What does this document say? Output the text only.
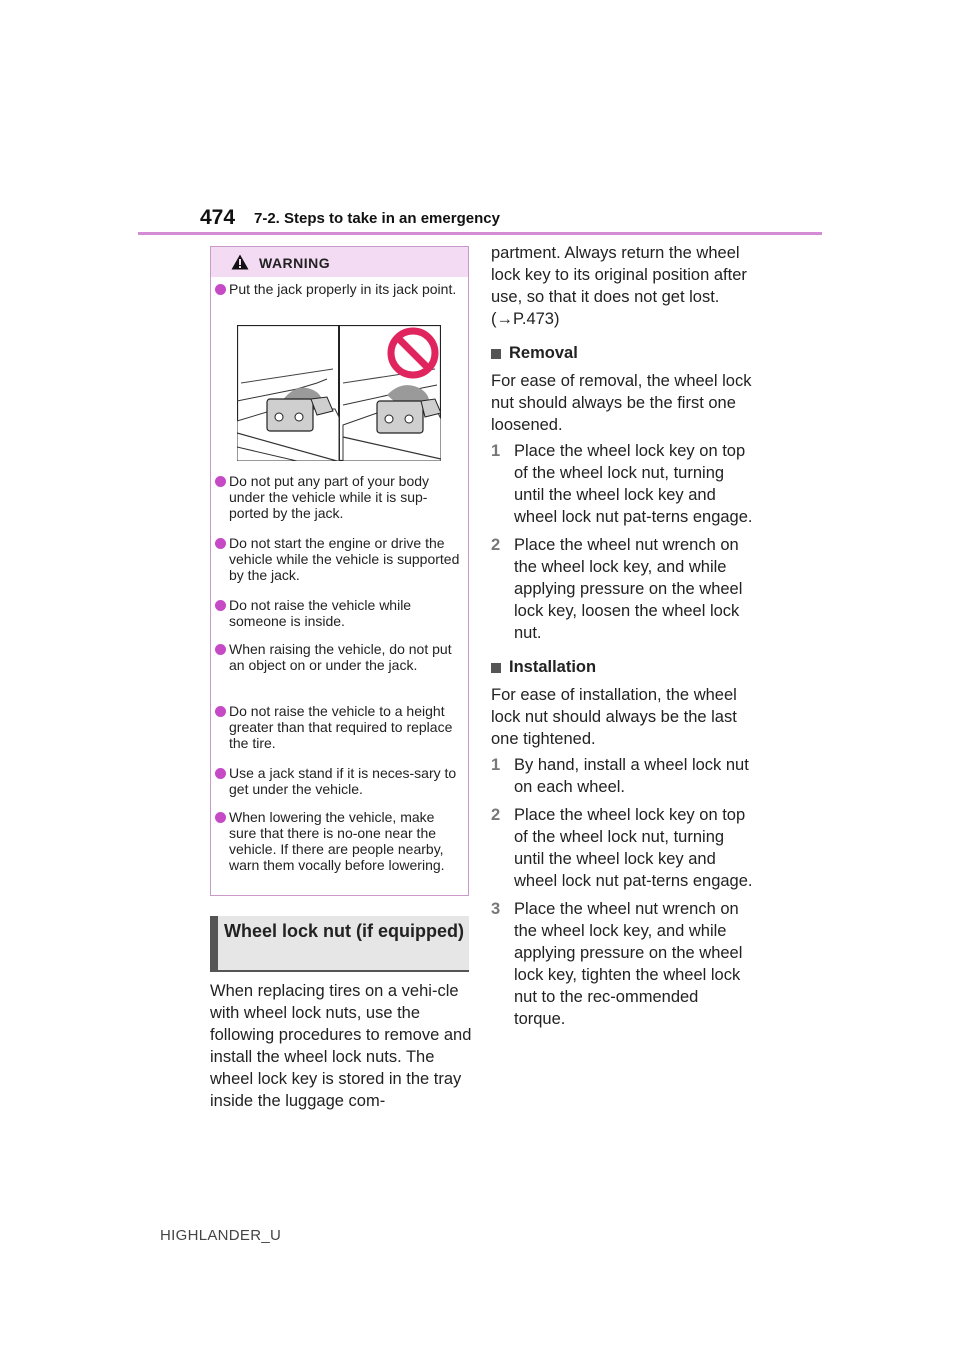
474 7-2. Steps to take in an emergency
WARNING
Put the jack properly in its jack point.
Do not put any part of your body under the vehicle while it is sup-ported by the jack.
Do not start the engine or drive the vehicle while the vehicle is supported by the jack.
Do not raise the vehicle while someone is inside.
When raising the vehicle, do not put an object on or under the jack.
Do not raise the vehicle to a height greater than that required to replace the tire.
Use a jack stand if it is neces-sary to get under the vehicle.
When lowering the vehicle, make sure that there is no-one near the vehicle. If there are people nearby, warn them vocally before lowering.
Wheel lock nut (if equipped)
When replacing tires on a vehi-cle with wheel lock nuts, use the following procedures to remove and install the wheel lock nuts. The wheel lock key is stored in the tray inside the luggage com-

partment. Always return the wheel lock key to its original position after use, so that it does not get lost. (→P.473)

Removal

For ease of removal, the wheel lock nut should always be the first one loosened.

1 Place the wheel lock key on top of the wheel lock nut, turning until the wheel lock key and wheel lock nut pat-terns engage.
2 Place the wheel nut wrench on the wheel lock key, and while applying pressure on the wheel lock key, loosen the wheel lock nut.

Installation

For ease of installation, the wheel lock nut should always be the last one tightened.

1 By hand, install a wheel lock nut on each wheel.
2 Place the wheel lock key on top of the wheel lock nut, turning until the wheel lock key and wheel lock nut pat-terns engage.
3 Place the wheel nut wrench on the wheel lock key, and while applying pressure on the wheel lock key, tighten the wheel lock nut to the rec-ommended torque.
HIGHLANDER_U
